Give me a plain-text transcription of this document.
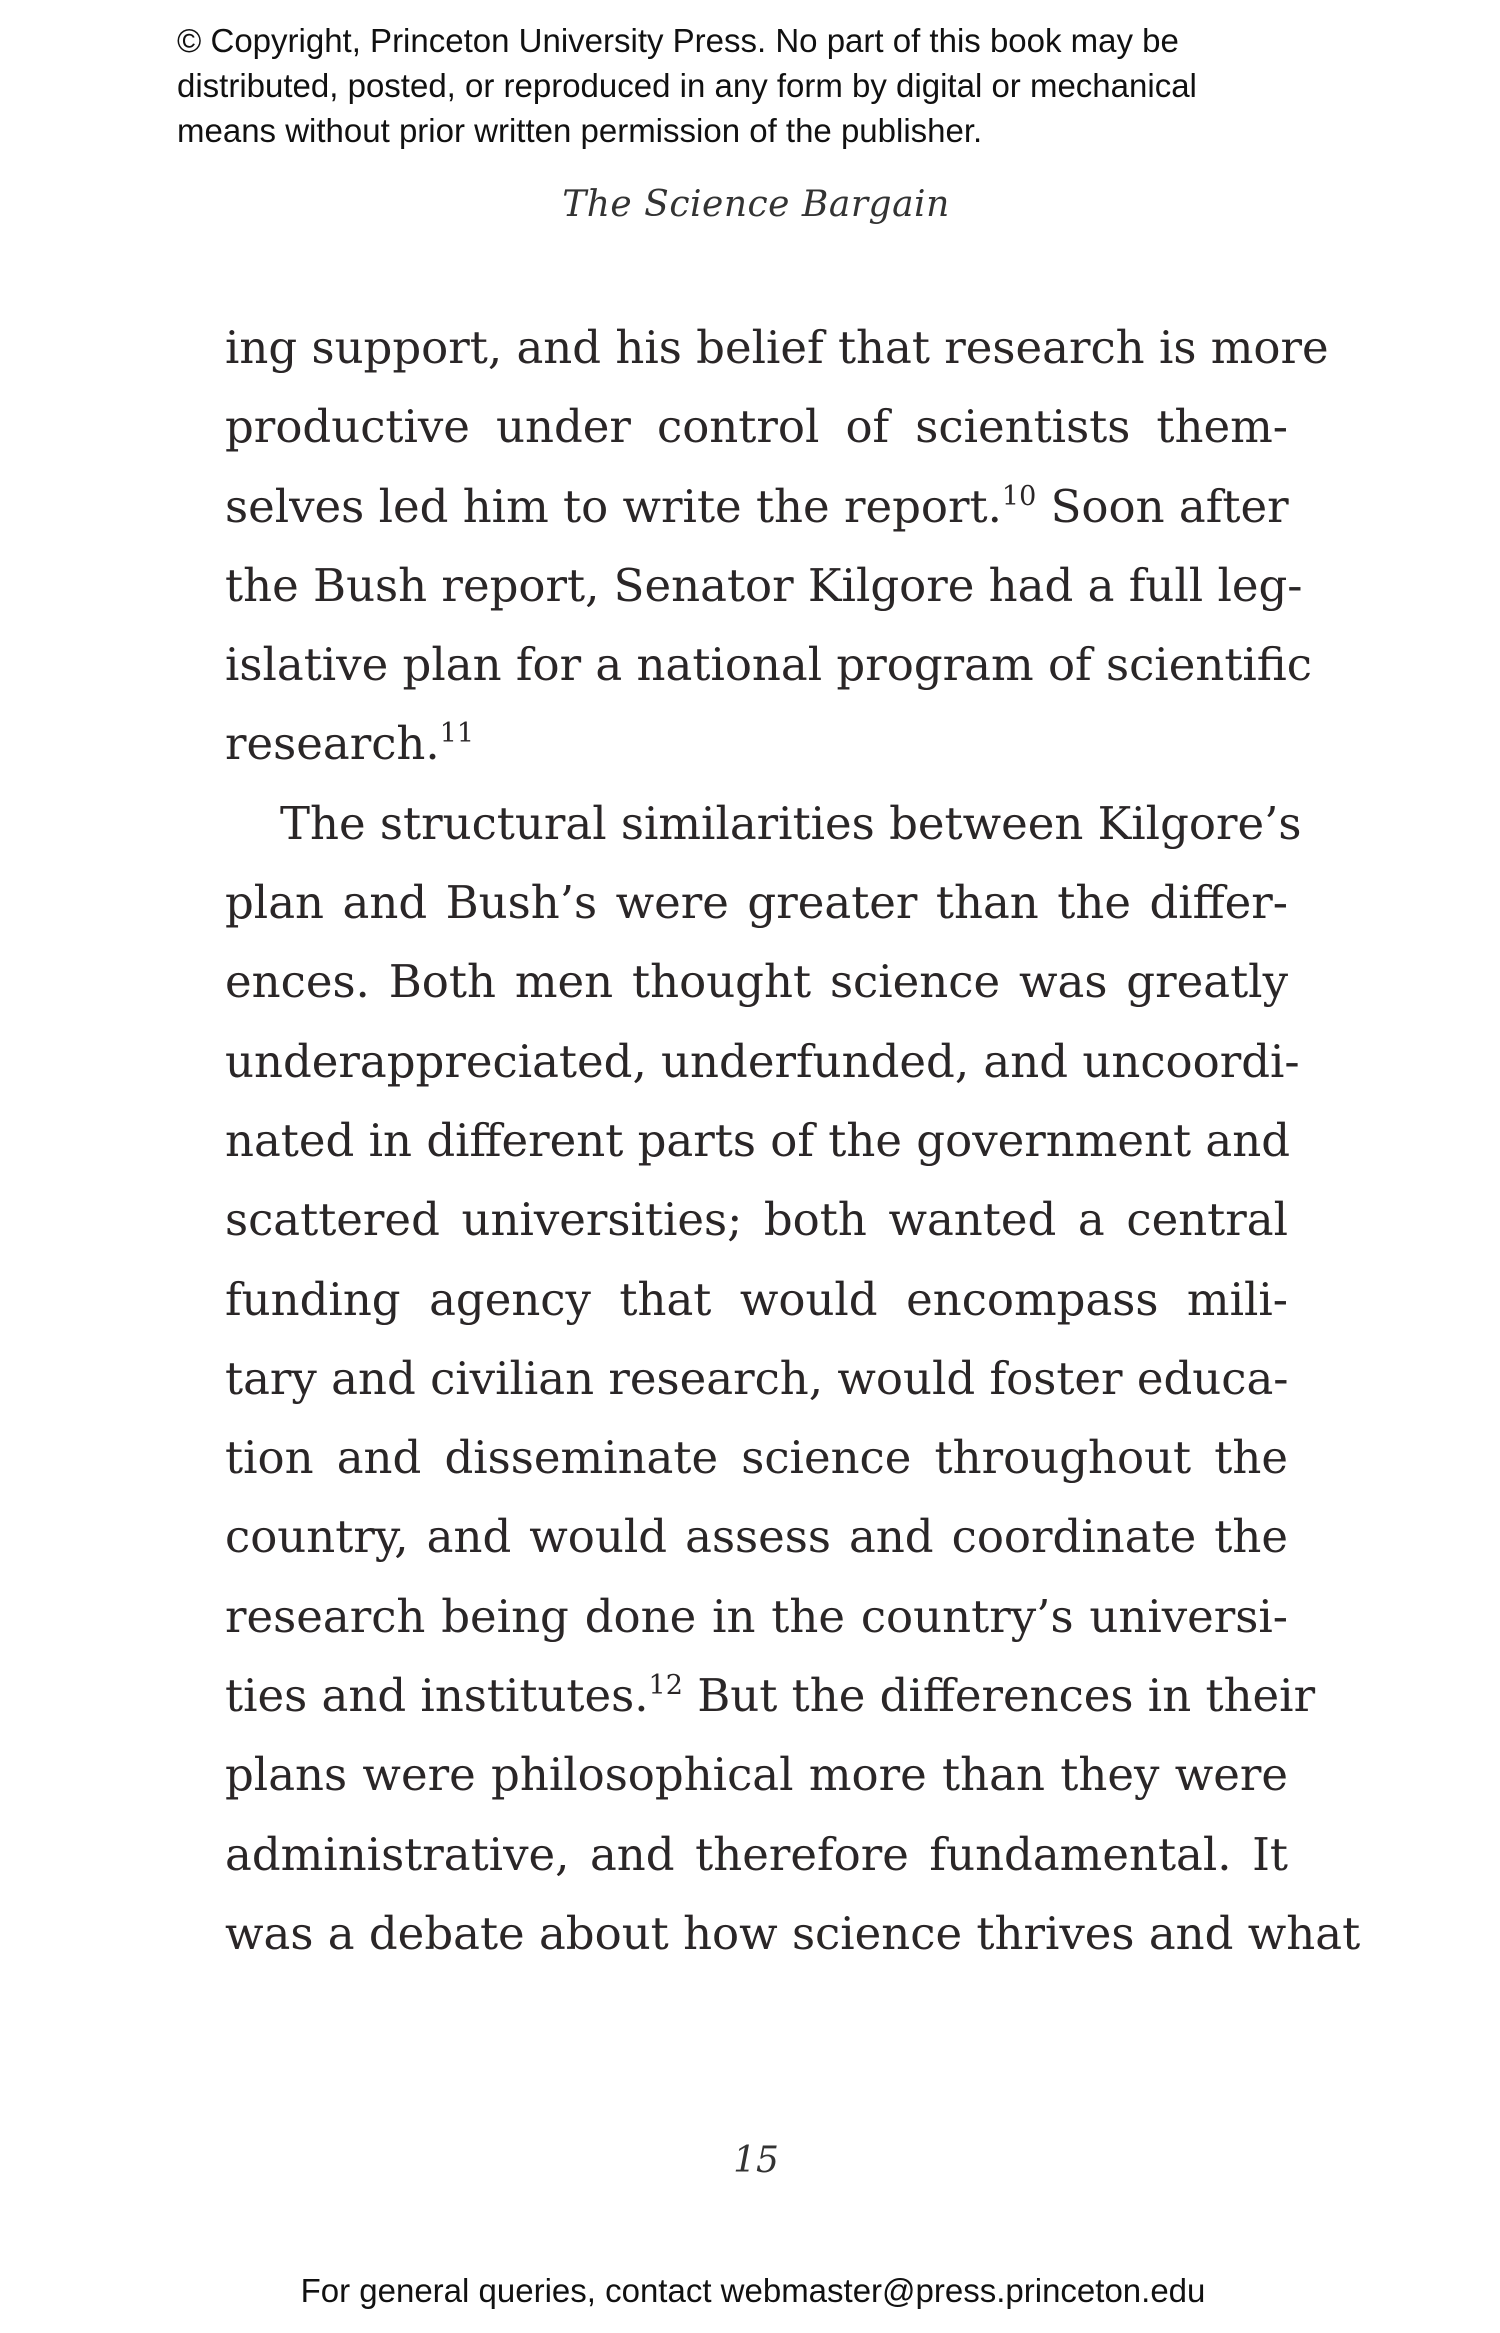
© Copyright, Princeton University Press. No part of this book may be
distributed, posted, or reproduced in any form by digital or mechanical
means without prior written permission of the publisher.
The Science Bargain
ing support, and his belief that research is more
productive under control of scientists them-
selves led him to write the report.$^{10}$ Soon after
the Bush report, Senator Kilgore had a full leg-
islative plan for a national program of scientific
research.$^{11}$
The structural similarities between Kilgore’s
plan and Bush’s were greater than the differ-
ences. Both men thought science was greatly
underappreciated, underfunded, and uncoordi-
nated in different parts of the government and
scattered universities; both wanted a central
funding agency that would encompass mili-
tary and civilian research, would foster educa-
tion and disseminate science throughout the
country, and would assess and coordinate the
research being done in the country’s universi-
ties and institutes.$^{12}$ But the differences in their
plans were philosophical more than they were
administrative, and therefore fundamental. It
was a debate about how science thrives and what
15
For general queries, contact webmaster@press.princeton.edu
